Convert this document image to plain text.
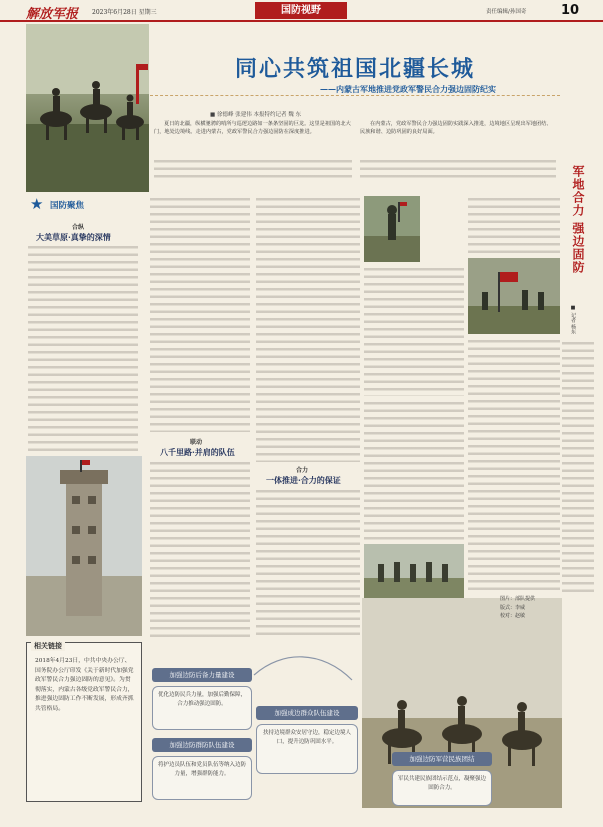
解放军报 2023年6月28日 星期三	国防视野	责任编辑/孙国奇	10
同心共筑祖国北疆长城
——内蒙古军地推进党政军警民合力强边固防纪实
■ 徐德峰 张建伟 本报特约记者 魏 东

夏日的北疆，纵横驰骋的哨所与巡逻边路如一条条坚固的巨龙。这里是祖国的北大门，地处边境线。走进内蒙古，党政军警民合力强边固防在深度推进。

在内蒙古，党政军警民合力强边固防实践深入推进，边境地区呈现出军地团结、民族和谐、边防巩固的良好局面。

★ 国防聚焦
合纵
大美草原·真挚的深情
联动
八千里路·并肩的队伍
合力
一体推进·合力的保证
军地合力 强边固防
■ 记者 杨东
相关链接
2018年4月23日，中共中央办公厅、国务院办公厅印发《关于新时代加强党政军警民合力强边固防的意见》。为贯彻落实，内蒙古各级党政军警民合力，推进强边固防工作不断发展，形成齐抓共管格局。
加强边防后备力量建设
优化边防民兵力量，加强后勤保障，合力推动强边固防。
加强边防群防队伍建设
将护边员队伍和党员队伍等纳入边防力量，增强群防能力。
加强成边群众队伍建设
扶持边境群众安居守边，稳定边境人口，提升边防巩固水平。
加强边防军营民族团结
军民共建民族团结示范点，凝聚强边固防合力。
图片：部队提供
版式：李威
校对：赵敏
